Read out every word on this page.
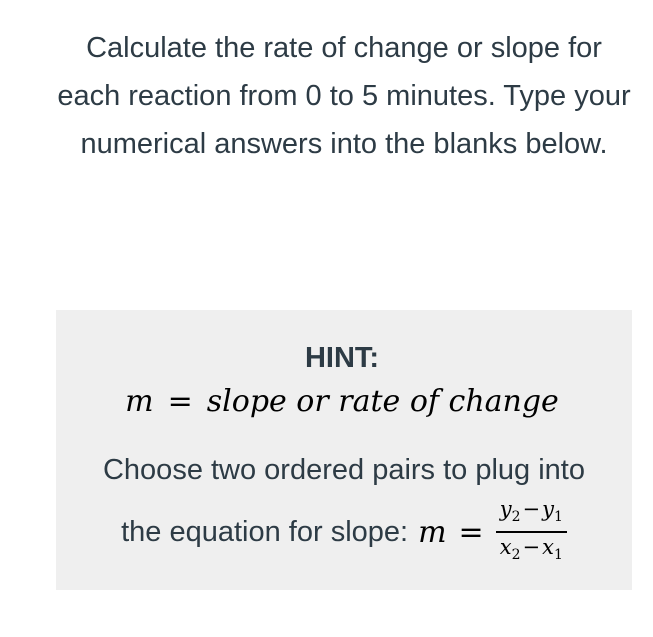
Calculate the rate of change or slope for each reaction from 0 to 5 minutes. Type your numerical answers into the blanks below.
HINT:
m = slope or rate of change
Choose two ordered pairs to plug into
the equation for slope: $m = \frac{y_2-y_1}{x_2-x_1}$
